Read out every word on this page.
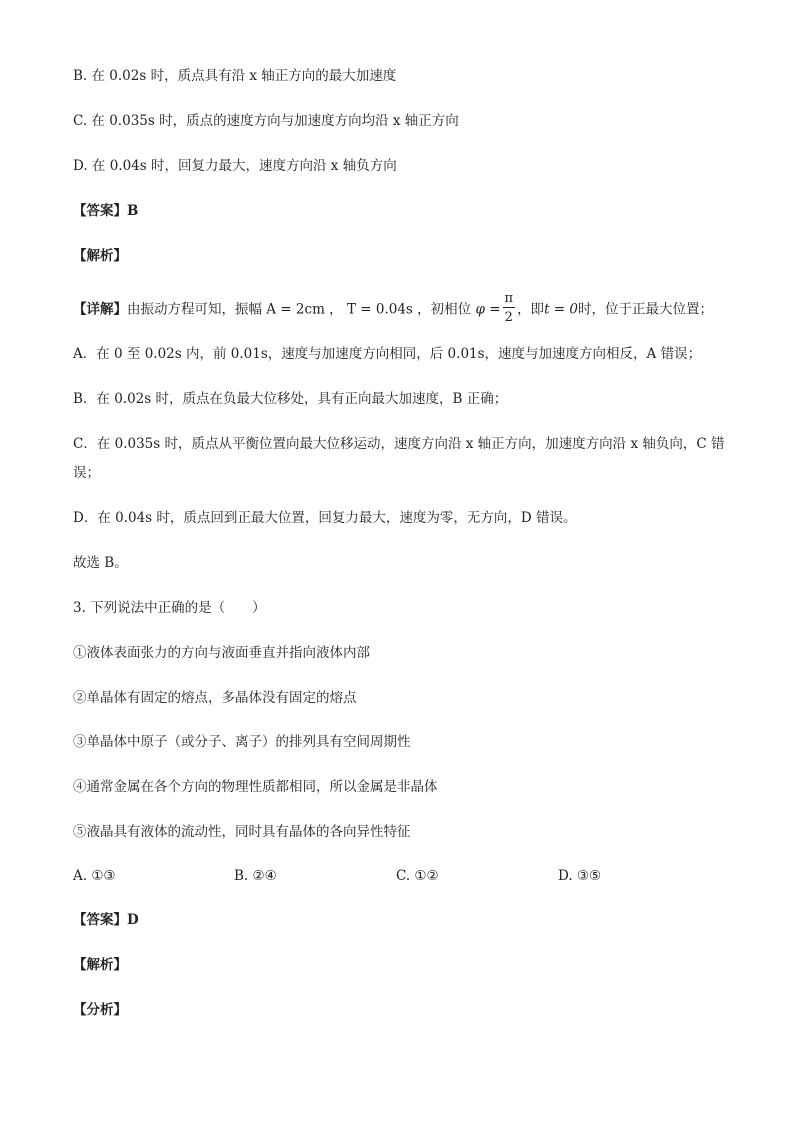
B. 在 0.02s 时，质点具有沿 x 轴正方向的最大加速度
C. 在 0.035s 时，质点的速度方向与加速度方向均沿 x 轴正方向
D. 在 0.04s 时，回复力最大，速度方向沿 x 轴负方向
【答案】B
【解析】
【详解】由振动方程可知，振幅 A = 2cm ， T = 0.04s ，初相位 $\varphi = \frac{\pi}{2}$ ，即t = 0时，位于正最大位置；
A．在 0 至 0.02s 内，前 0.01s，速度与加速度方向相同，后 0.01s，速度与加速度方向相反，A 错误；
B．在 0.02s 时，质点在负最大位移处，具有正向最大加速度，B 正确；
C．在 0.035s 时，质点从平衡位置向最大位移运动，速度方向沿 x 轴正方向，加速度方向沿 x 轴负向，C 错
误；
D．在 0.04s 时，质点回到正最大位置，回复力最大，速度为零，无方向，D 错误。
故选 B。
3. 下列说法中正确的是（　　）
①液体表面张力的方向与液面垂直并指向液体内部
②单晶体有固定的熔点，多晶体没有固定的熔点
③单晶体中原子（或分子、离子）的排列具有空间周期性
④通常金属在各个方向的物理性质都相同，所以金属是非晶体
⑤液晶具有液体的流动性，同时具有晶体的各向异性特征
A. ①③	B. ②④	C. ①②	D. ③⑤
【答案】D
【解析】
【分析】
